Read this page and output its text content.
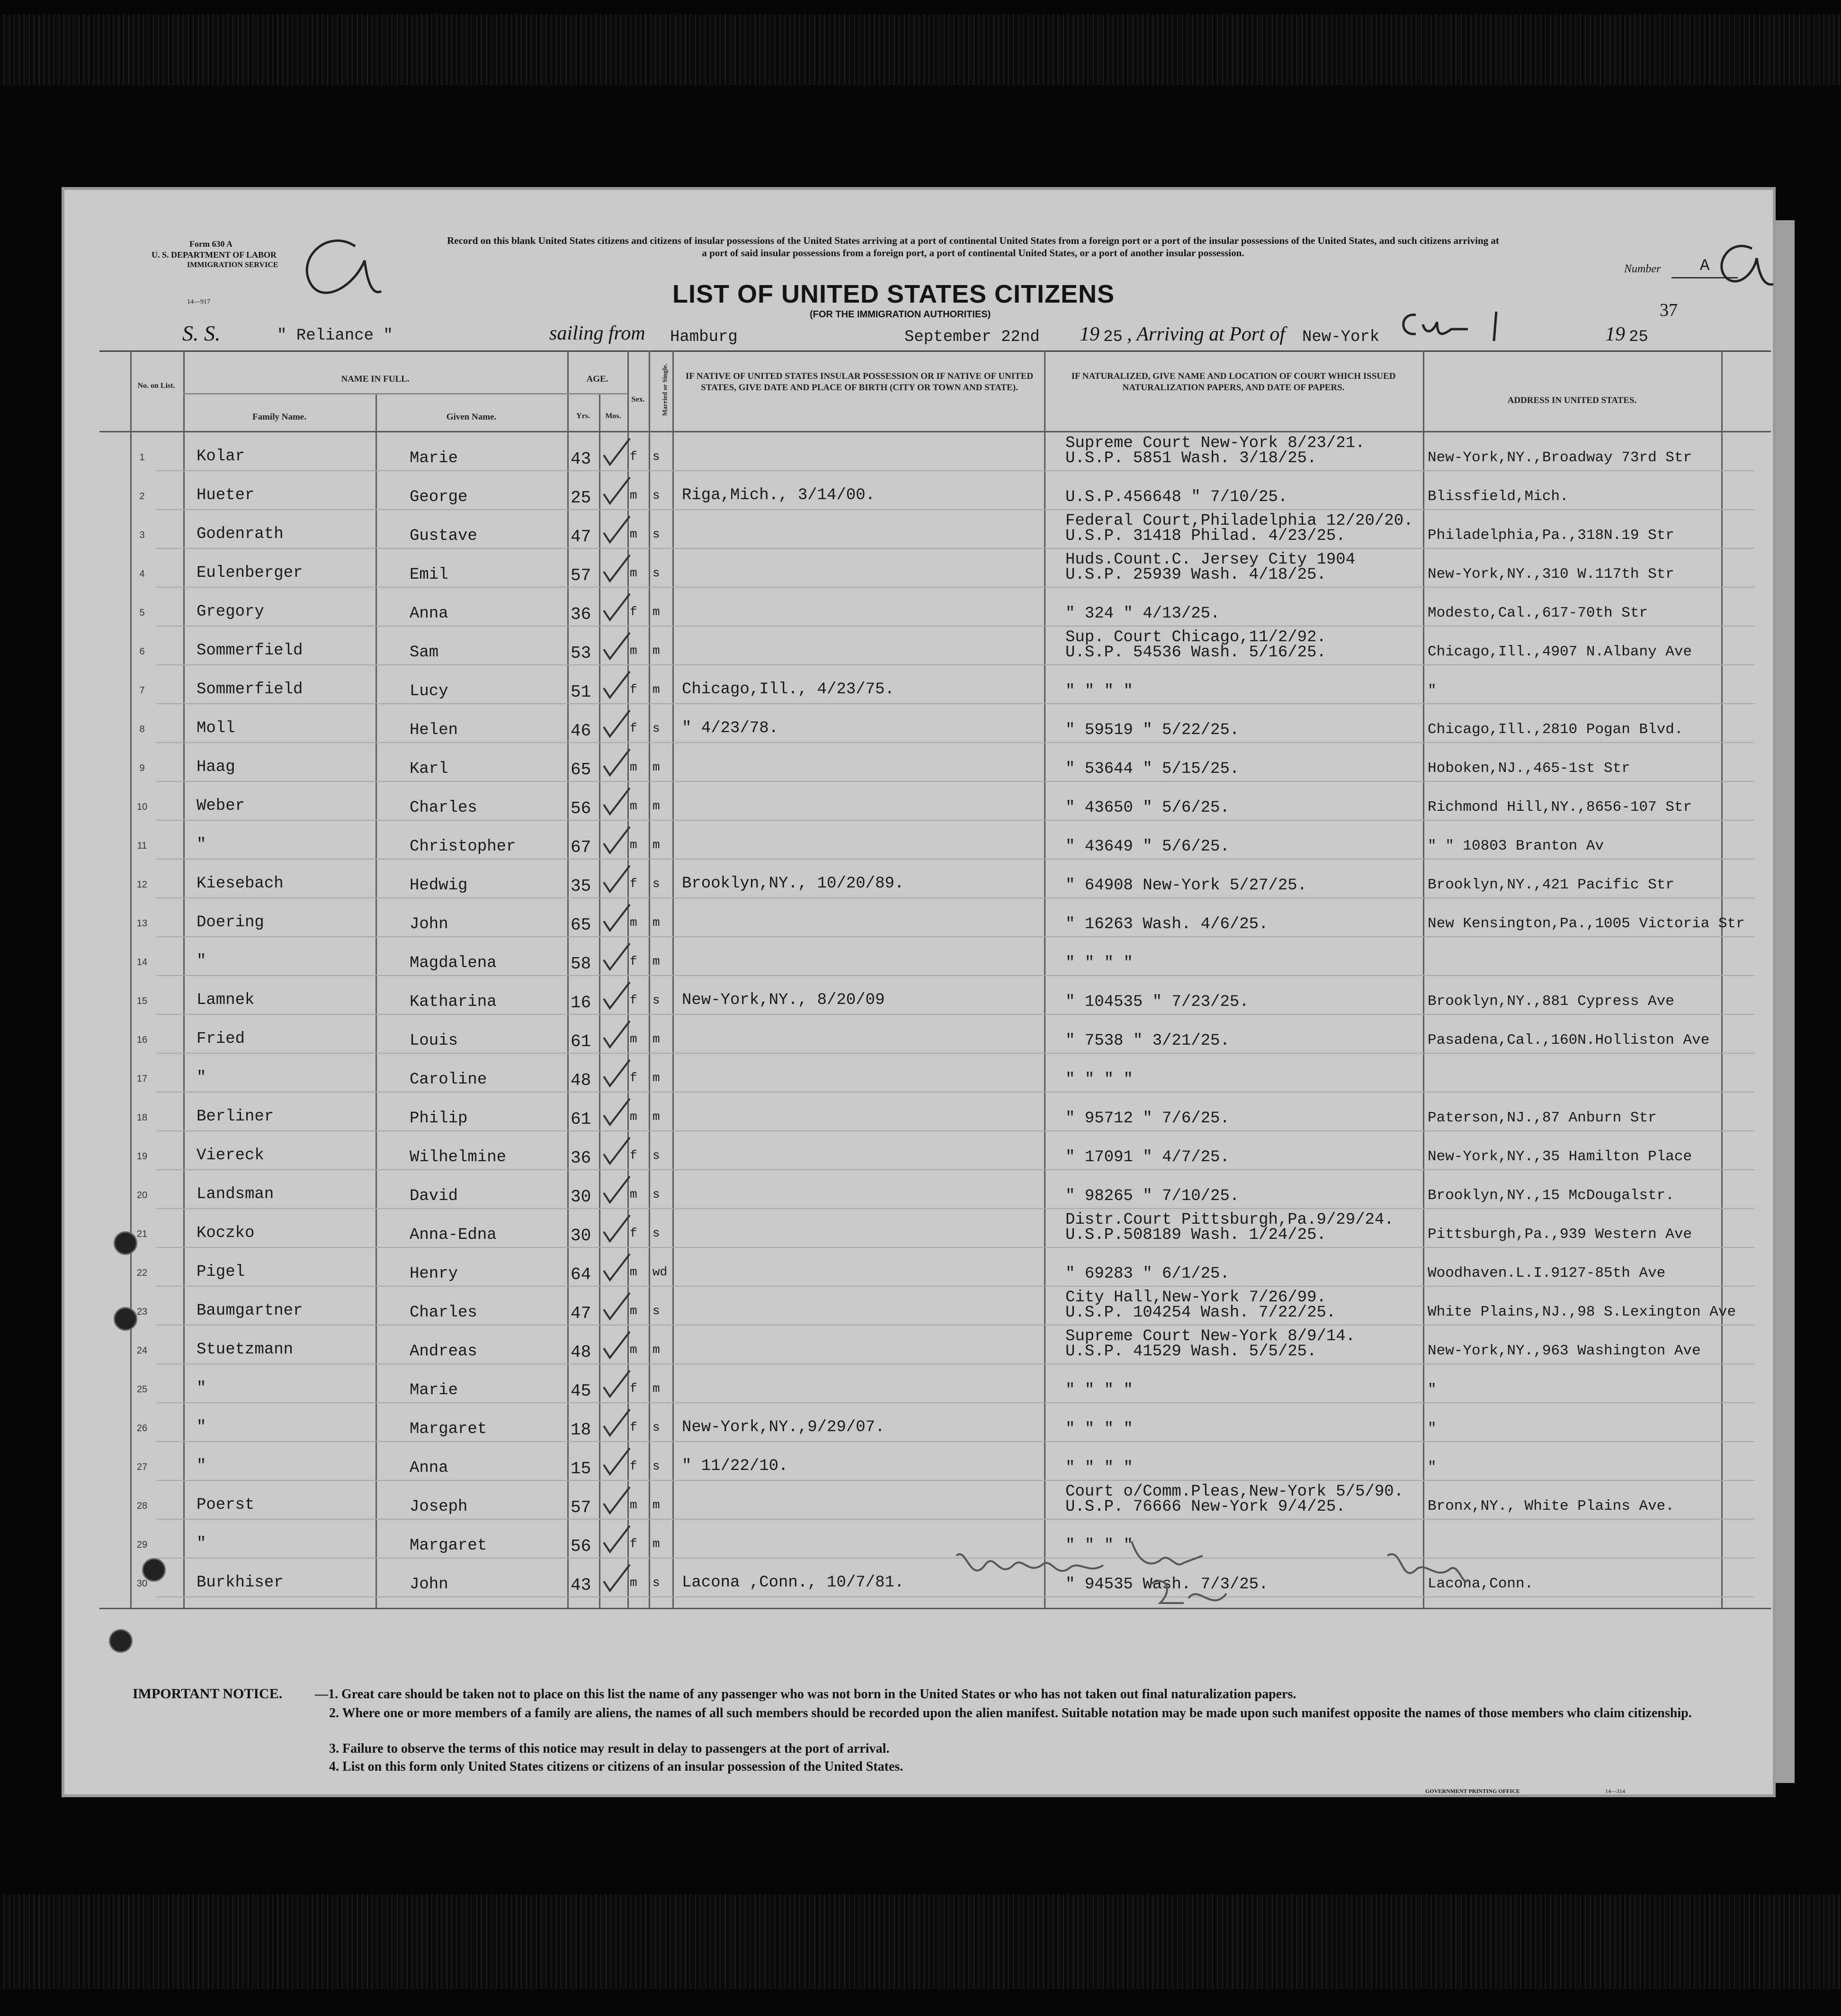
Form 630 A
U. S. DEPARTMENT OF LABOR
IMMIGRATION SERVICE
14—917
Record on this blank United States citizens and citizens of insular possessions of the United States arriving at a port of continental United States from a foreign port or a port of the insular possessions of the United States, and such citizens arriving at a port of said insular possessions from a foreign port, a port of continental United States, or a port of another insular possession.
LIST OF UNITED STATES CITIZENS
(FOR THE IMMIGRATION AUTHORITIES)
Number A
37
S. S.	" Reliance "	sailing from Hamburg	September 22nd 19 25 , Arriving at Port of New-York	19 25
No. on List.
NAME IN FULL.
Family Name.	Given Name.
AGE.
Yrs.	Mos.
Sex.	Married or Single.	IF NATIVE OF UNITED STATES INSULAR POSSESSION OR IF NATIVE OF UNITED STATES, GIVE DATE AND PLACE OF BIRTH (CITY OR TOWN AND STATE).
IF NATURALIZED, GIVE NAME AND LOCATION OF COURT WHICH ISSUED NATURALIZATION PAPERS, AND DATE OF PAPERS.
ADDRESS IN UNITED STATES.
1	Kolar	Marie	43	f s
Supreme Court New-York 8/23/21.
U.S.P. 5851 Wash. 3/18/25.	New-York,NY.,Broadway 73rd Str
2	Hueter	George	25	m s Riga,Mich., 3/14/00.	U.S.P.456648 " 7/10/25.	Blissfield,Mich.
3	Godenrath	Gustave	47	m s
Federal Court,Philadelphia 12/20/20.
U.S.P. 31418 Philad. 4/23/25.	Philadelphia,Pa.,318N.19 Str
4	Eulenberger	Emil	57	m s
Huds.Count.C. Jersey City 1904
U.S.P. 25939 Wash. 4/18/25.	New-York,NY.,310 W.117th Str
5	Gregory	Anna	36	f m	" 324 " 4/13/25.	Modesto,Cal.,617-70th Str
6	Sommerfield	Sam	53	m m
Sup. Court Chicago,11/2/92.
U.S.P. 54536 Wash. 5/16/25.	Chicago,Ill.,4907 N.Albany Ave
7	Sommerfield	Lucy	51	f m Chicago,Ill., 4/23/75.	" " " "	"
8	Moll	Helen	46	f s " 4/23/78.	" 59519 " 5/22/25.	Chicago,Ill.,2810 Pogan Blvd.
9	Haag	Karl	65	m m	" 53644 " 5/15/25.	Hoboken,NJ.,465-1st Str
10	Weber	Charles	56	m m	" 43650 " 5/6/25.	Richmond Hill,NY.,8656-107 Str
11	"	Christopher	67	m m	" 43649 " 5/6/25.	" " 10803 Branton Av
12	Kiesebach	Hedwig	35	f s Brooklyn,NY., 10/20/89.	" 64908 New-York 5/27/25.	Brooklyn,NY.,421 Pacific Str
13	Doering	John	65	m m	" 16263 Wash. 4/6/25.	New Kensington,Pa.,1005 Victoria Str
14	"	Magdalena	58	f m	" " " "
15	Lamnek	Katharina	16	f s New-York,NY., 8/20/09	" 104535 " 7/23/25.	Brooklyn,NY.,881 Cypress Ave
16	Fried	Louis	61	m m	" 7538 " 3/21/25.	Pasadena,Cal.,160N.Holliston Ave
17	"	Caroline	48	f m	" " " "
18	Berliner	Philip	61	m m	" 95712 " 7/6/25.	Paterson,NJ.,87 Anburn Str
19	Viereck	Wilhelmine	36	f s	" 17091 " 4/7/25.	New-York,NY.,35 Hamilton Place
20	Landsman	David	30	m s	" 98265 " 7/10/25.	Brooklyn,NY.,15 McDougalstr.
21	Koczko	Anna-Edna	30	f s
Distr.Court Pittsburgh,Pa.9/29/24.
U.S.P.508189 Wash. 1/24/25.	Pittsburgh,Pa.,939 Western Ave
22	Pigel	Henry	64	m wd	" 69283 " 6/1/25.	Woodhaven.L.I.9127-85th Ave
23	Baumgartner	Charles	47	m s
City Hall,New-York 7/26/99.
U.S.P. 104254 Wash. 7/22/25.	White Plains,NJ.,98 S.Lexington Ave
24	Stuetzmann	Andreas	48	m m
Supreme Court New-York 8/9/14.
U.S.P. 41529 Wash. 5/5/25.	New-York,NY.,963 Washington Ave
25	"	Marie	45	f m	" " " "	"
26	"	Margaret	18	f s New-York,NY.,9/29/07.	" " " "	"
27	"	Anna	15	f s " 11/22/10.	" " " "	"
28	Poerst	Joseph	57	m m
Court o/Comm.Pleas,New-York 5/5/90.
U.S.P. 76666 New-York 9/4/25.	Bronx,NY., White Plains Ave.
29	"	Margaret	56	f m	" " " "
30	Burkhiser	John	43	m s Lacona ,Conn., 10/7/81.	" 94535 Wash. 7/3/25.	Lacona,Conn.
IMPORTANT NOTICE. —1. Great care should be taken not to place on this list the name of any passenger who was not born in the United States or who has not taken out final naturalization papers.
2. Where one or more members of a family are aliens, the names of all such members should be recorded upon the alien manifest. Suitable notation may be made upon such manifest opposite the names of those members who claim citizenship.
3. Failure to observe the terms of this notice may result in delay to passengers at the port of arrival.
4. List on this form only United States citizens or citizens of an insular possession of the United States.
GOVERNMENT PRINTING OFFICE	14—314
